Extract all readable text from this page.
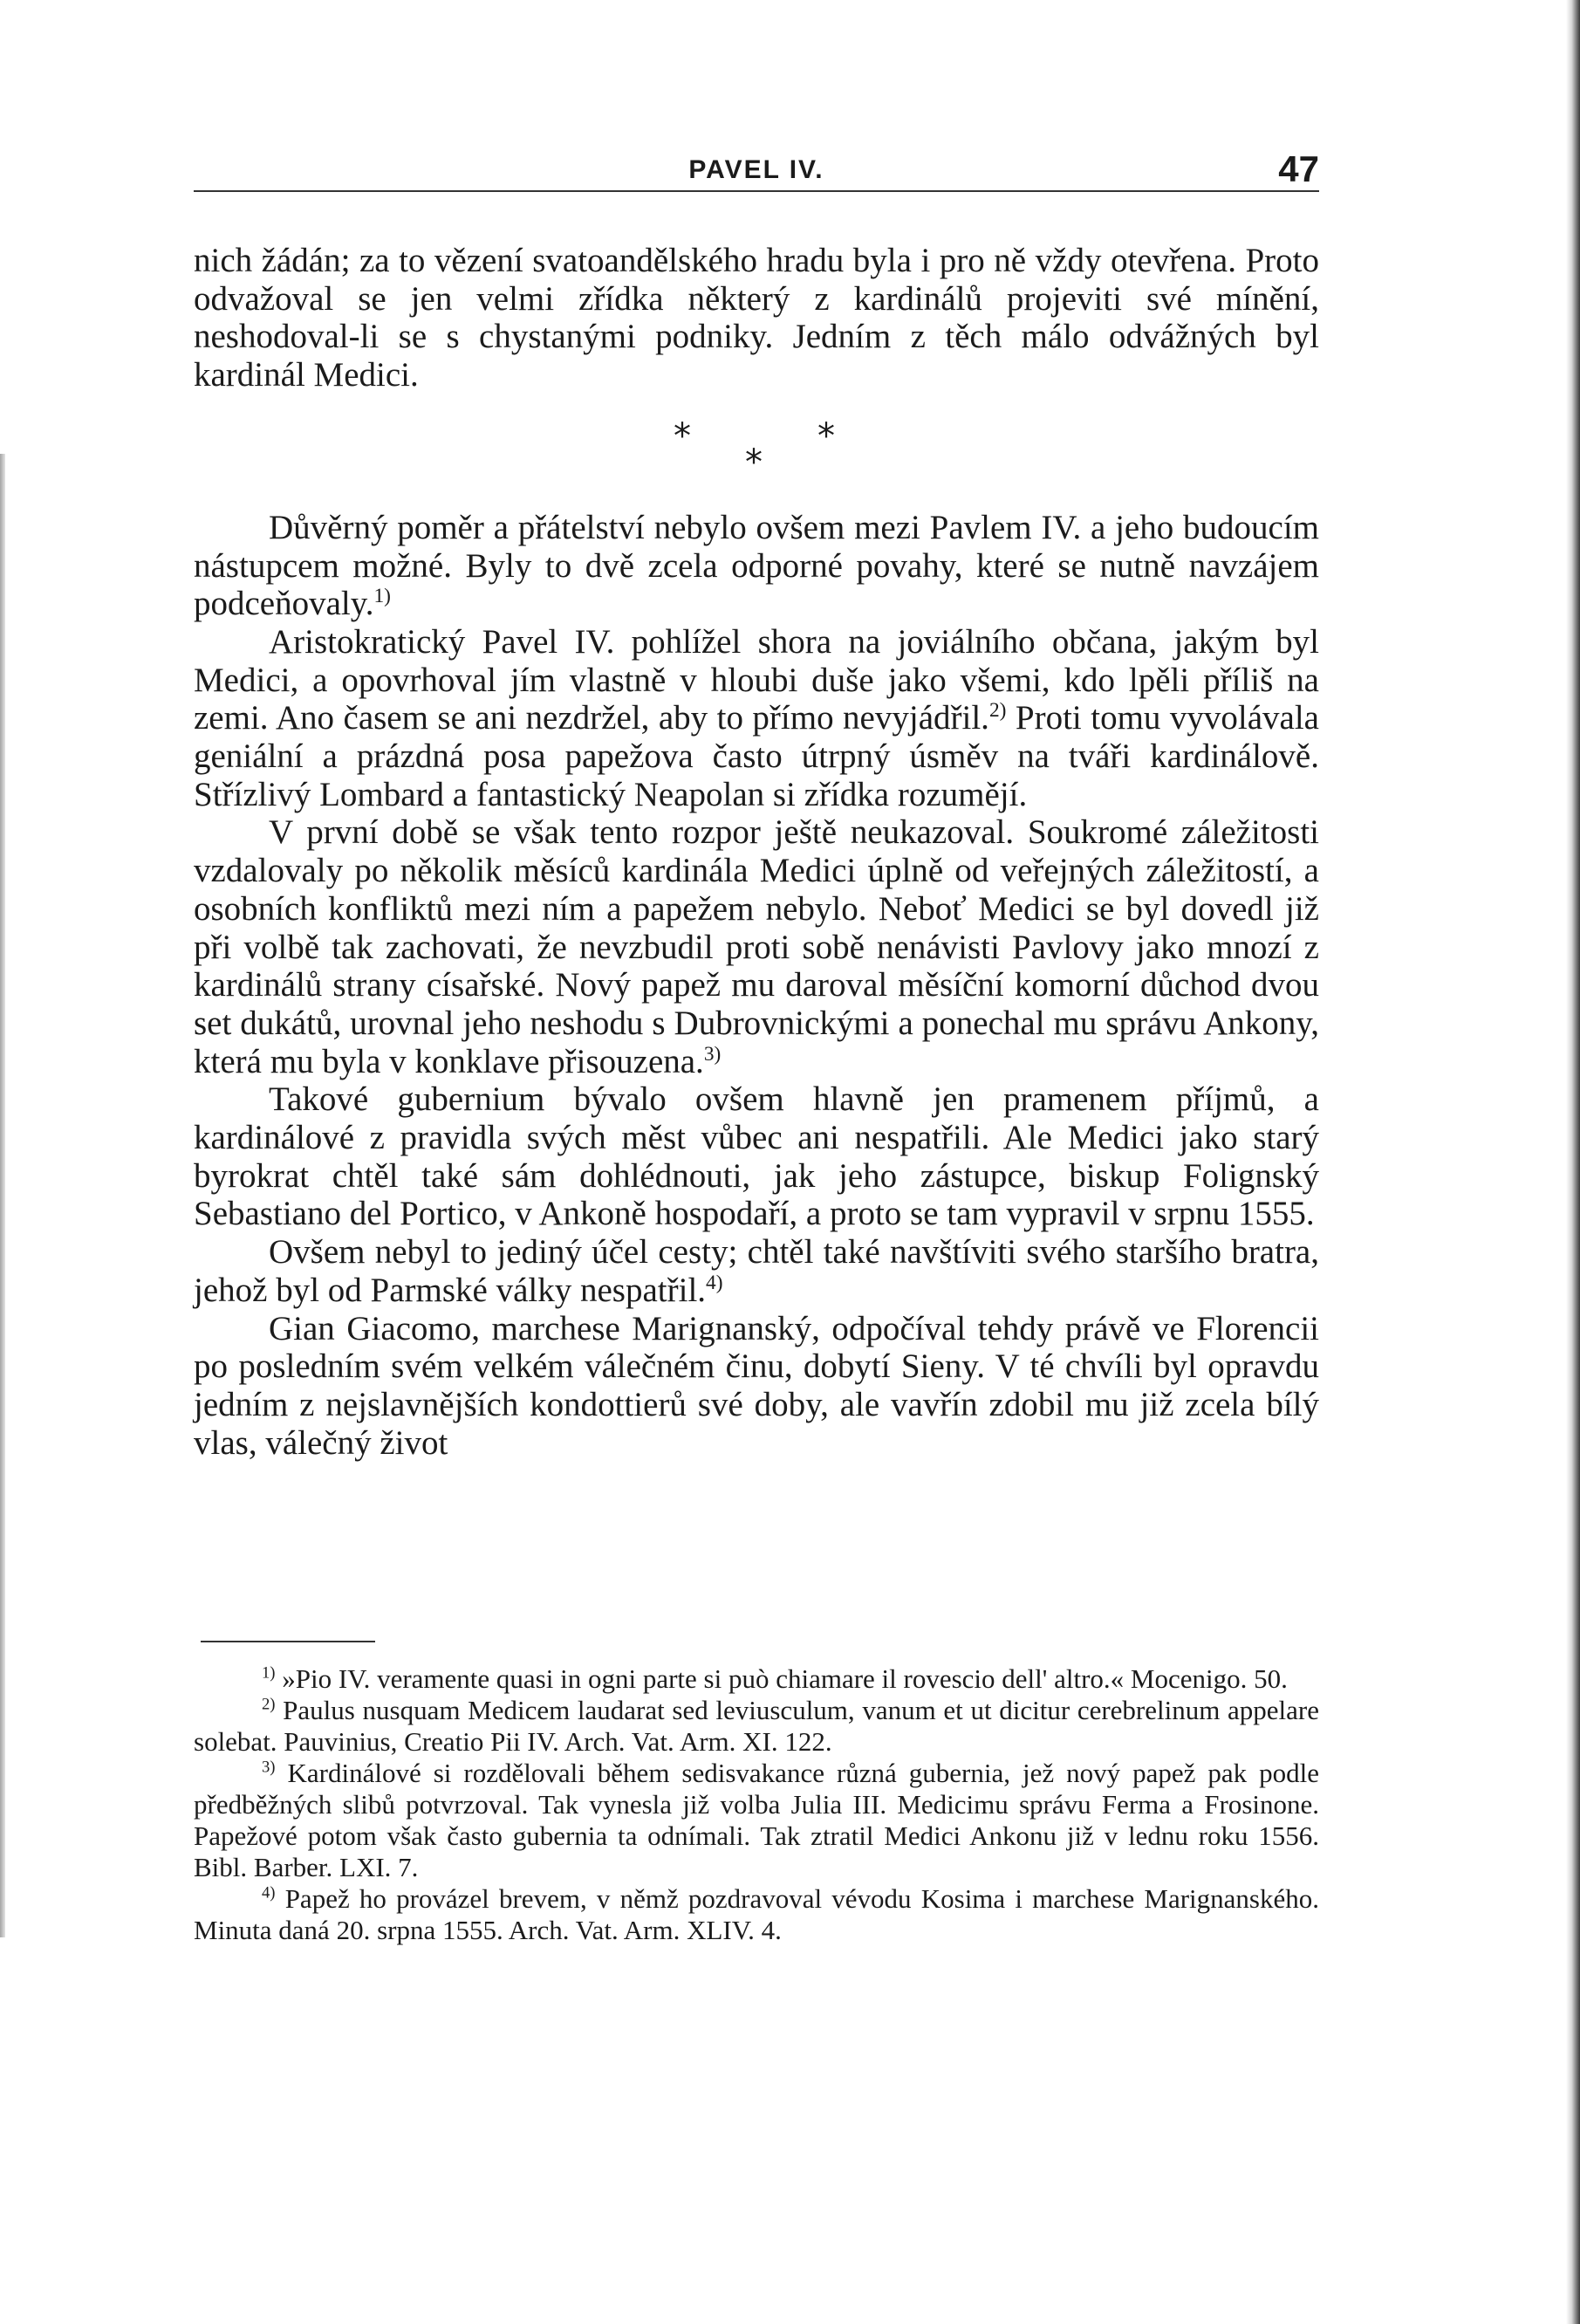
PAVEL IV.	47

nich žádán; za to vězení svatoandělského hradu byla i pro ně vždy otevřena. Proto odvažoval se jen velmi zřídka některý z kardinálů projeviti své mínění, neshodoval-li se s chystanými podniky. Jedním z těch málo odvážných byl kardinál Medici.

*	*
*

Důvěrný poměr a přátelství nebylo ovšem mezi Pavlem IV. a jeho budoucím nástupcem možné. Byly to dvě zcela odporné povahy, které se nutně navzájem podceňovaly.$^{1)}$

Aristokratický Pavel IV. pohlížel shora na joviálního občana, jakým byl Medici, a opovrhoval jím vlastně v hloubi duše jako všemi, kdo lpěli příliš na zemi. Ano časem se ani nezdržel, aby to přímo nevyjádřil.$^{2)}$ Proti tomu vyvolávala geniální a prázdná posa papežova často útrpný úsměv na tváři kardinálově. Střízlivý Lombard a fantastický Neapolan si zřídka rozumějí.

V první době se však tento rozpor ještě neukazoval. Soukromé záležitosti vzdalovaly po několik měsíců kardinála Medici úplně od veřejných záležitostí, a osobních konfliktů mezi ním a papežem nebylo. Neboť Medici se byl dovedl již při volbě tak zachovati, že nevzbudil proti sobě nenávisti Pavlovy jako mnozí z kardinálů strany císařské. Nový papež mu daroval měsíční komorní důchod dvou set dukátů, urovnal jeho neshodu s Dubrovnickými a ponechal mu správu Ankony, která mu byla v konklave přisouzena.$^{3)}$

Takové gubernium bývalo ovšem hlavně jen pramenem příjmů, a kardinálové z pravidla svých měst vůbec ani nespatřili. Ale Medici jako starý byrokrat chtěl také sám dohlédnouti, jak jeho zástupce, biskup Folignský Sebastiano del Portico, v Ankoně hospodaří, a proto se tam vypravil v srpnu 1555.

Ovšem nebyl to jediný účel cesty; chtěl také navštíviti svého staršího bratra, jehož byl od Parmské války nespatřil.$^{4)}$

Gian Giacomo, marchese Marignanský, odpočíval tehdy právě ve Florencii po posledním svém velkém válečném činu, dobytí Sieny. V té chvíli byl opravdu jedním z nejslavnějších kondottierů své doby, ale vavřín zdobil mu již zcela bílý vlas, válečný život

$^{1)}$ »Pio IV. veramente quasi in ogni parte si può chiamare il rovescio dell' altro.« Mocenigo. 50.

$^{2)}$ Paulus nusquam Medicem laudarat sed leviusculum, vanum et ut dicitur cerebrelinum appelare solebat. Pauvinius, Creatio Pii IV. Arch. Vat. Arm. XI. 122.

$^{3)}$ Kardinálové si rozdělovali během sedisvakance různá gubernia, jež nový papež pak podle předběžných slibů potvrzoval. Tak vynesla již volba Julia III. Medicimu správu Ferma a Frosinone. Papežové potom však často gubernia ta odnímali. Tak ztratil Medici Ankonu již v lednu roku 1556. Bibl. Barber. LXI. 7.

$^{4)}$ Papež ho provázel brevem, v němž pozdravoval vévodu Kosima i marchese Marignanského. Minuta daná 20. srpna 1555. Arch. Vat. Arm. XLIV. 4.
